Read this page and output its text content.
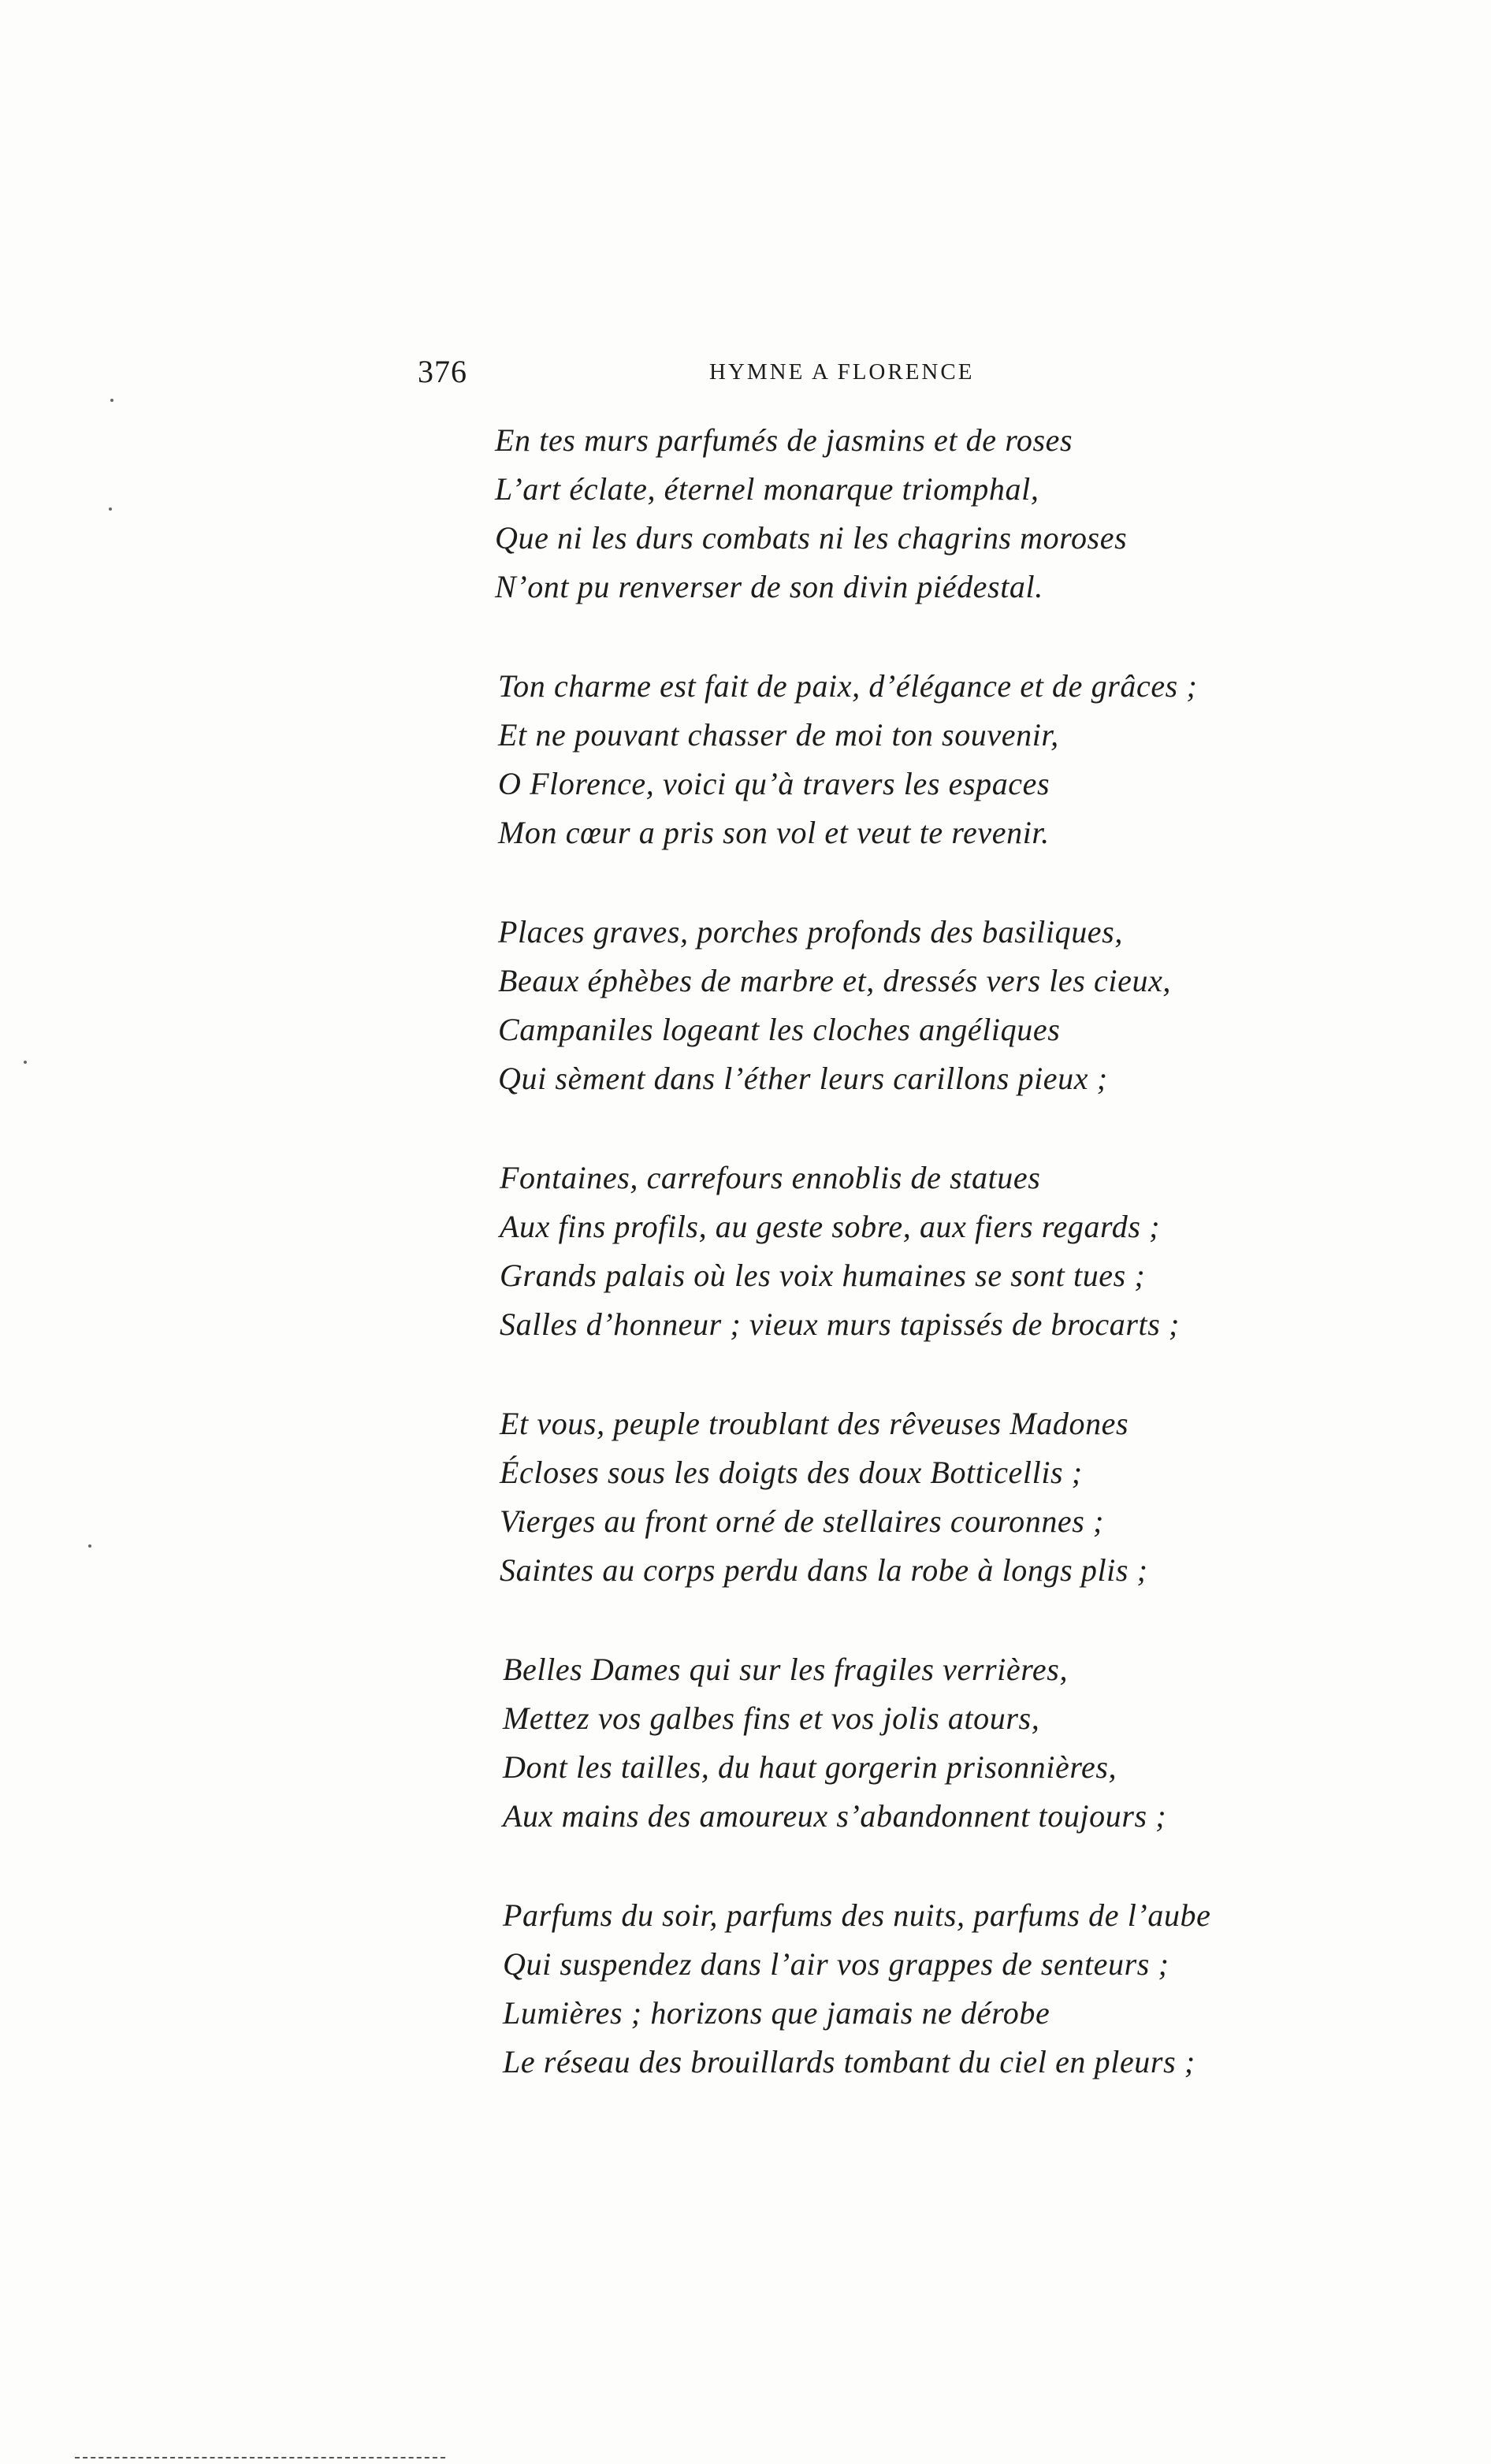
376	HYMNE A FLORENCE
En tes murs parfumés de jasmins et de roses
L’art éclate, éternel monarque triomphal,
Que ni les durs combats ni les chagrins moroses
N’ont pu renverser de son divin piédestal.
Ton charme est fait de paix, d’élégance et de grâces ;
Et ne pouvant chasser de moi ton souvenir,
O Florence, voici qu’à travers les espaces
Mon cœur a pris son vol et veut te revenir.
Places graves, porches profonds des basiliques,
Beaux éphèbes de marbre et, dressés vers les cieux,
Campaniles logeant les cloches angéliques
Qui sèment dans l’éther leurs carillons pieux ;
Fontaines, carrefours ennoblis de statues
Aux fins profils, au geste sobre, aux fiers regards ;
Grands palais où les voix humaines se sont tues ;
Salles d’honneur ; vieux murs tapissés de brocarts ;
Et vous, peuple troublant des rêveuses Madones
Écloses sous les doigts des doux Botticellis ;
Vierges au front orné de stellaires couronnes ;
Saintes au corps perdu dans la robe à longs plis ;
Belles Dames qui sur les fragiles verrières,
Mettez vos galbes fins et vos jolis atours,
Dont les tailles, du haut gorgerin prisonnières,
Aux mains des amoureux s’abandonnent toujours ;
Parfums du soir, parfums des nuits, parfums de l’aube
Qui suspendez dans l’air vos grappes de senteurs ;
Lumières ; horizons que jamais ne dérobe
Le réseau des brouillards tombant du ciel en pleurs ;
